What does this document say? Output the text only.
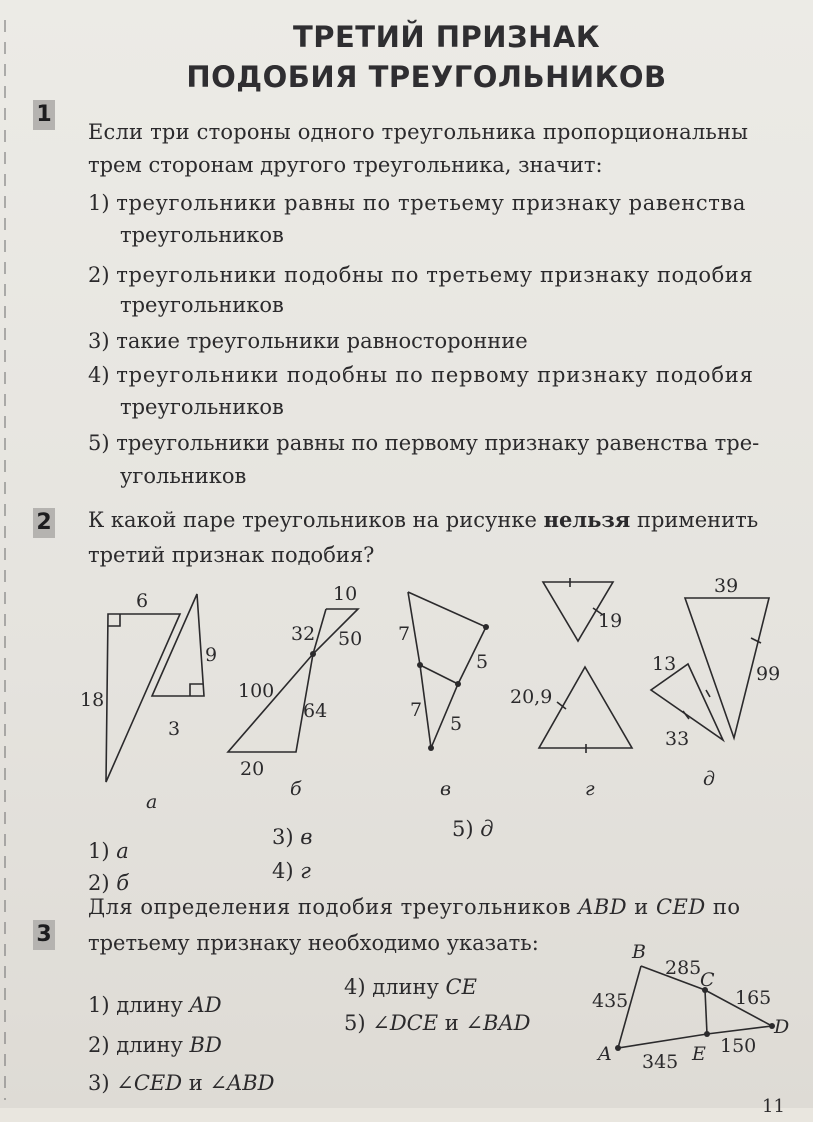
ТРЕТИЙ ПРИЗНАК
ПОДОБИЯ ТРЕУГОЛЬНИКОВ
1
Если три стороны одного треугольника пропорциональны
трем сторонам другого треугольника, значит:
1) треугольники равны по третьему признаку равенства
треугольников
2) треугольники подобны по третьему признаку подобия
треугольников
3) такие треугольники равносторонние
4) треугольники подобны по первому признаку подобия
треугольников
5) треугольники равны по первому признаку равенства тре-
угольников
2 К какой паре треугольников на рисунке нельзя применить
третий признак подобия?
6
18
9
3
а
10
32 50
100
64
20
б
7
5
7
5
в
19
20,9
г
39
13	99
33
д
B
C
A	E
D
285
435	165
345
150
1) а
2) б
3) в
4) г
5) д
3
Для определения подобия треугольников ABD и CED по
третьему признаку необходимо указать:
1) длину AD
2) длину BD
3) ∠CED и ∠ABD
4) длину CE
5) ∠DCE и ∠BAD
11
